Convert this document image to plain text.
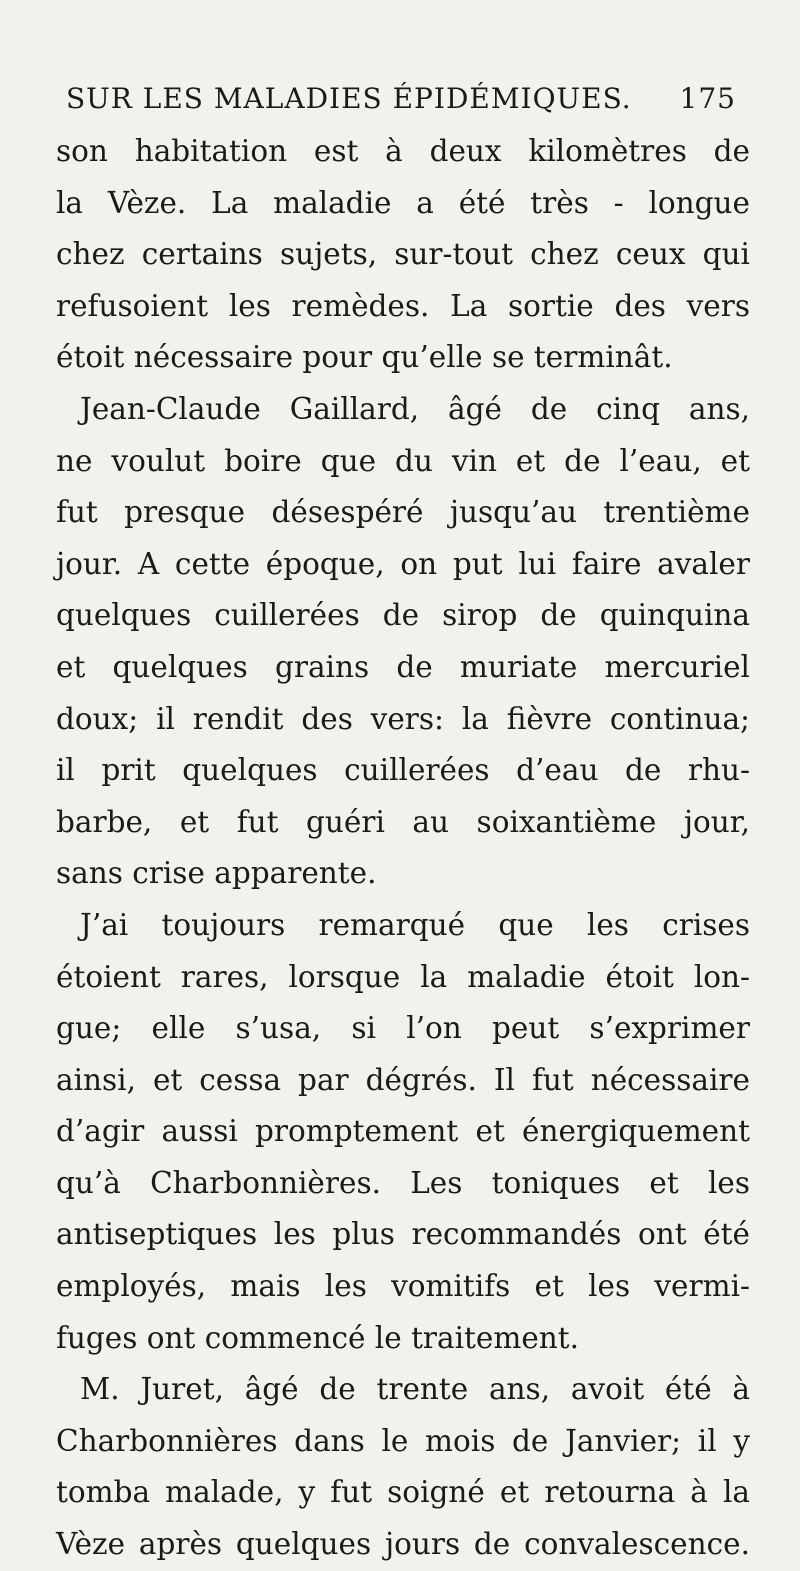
SUR LES MALADIES ÉPIDÉMIQUES. 175
son habitation est à deux kilomètres de
la Vèze. La maladie a été très - longue
chez certains sujets, sur-tout chez ceux qui
refusoient les remèdes. La sortie des vers
étoit nécessaire pour qu’elle se terminât.
Jean-Claude Gaillard, âgé de cinq ans,
ne voulut boire que du vin et de l’eau, et
fut presque désespéré jusqu’au trentième
jour. A cette époque, on put lui faire avaler
quelques cuillerées de sirop de quinquina
et quelques grains de muriate mercuriel
doux; il rendit des vers: la fièvre continua;
il prit quelques cuillerées d’eau de rhu-
barbe, et fut guéri au soixantième jour,
sans crise apparente.
J’ai toujours remarqué que les crises
étoient rares, lorsque la maladie étoit lon-
gue; elle s’usa, si l’on peut s’exprimer
ainsi, et cessa par dégrés. Il fut nécessaire
d’agir aussi promptement et énergiquement
qu’à Charbonnières. Les toniques et les
antiseptiques les plus recommandés ont été
employés, mais les vomitifs et les vermi-
fuges ont commencé le traitement.
M. Juret, âgé de trente ans, avoit été à
Charbonnières dans le mois de Janvier; il y
tomba malade, y fut soigné et retourna à la
Vèze après quelques jours de convalescence.
